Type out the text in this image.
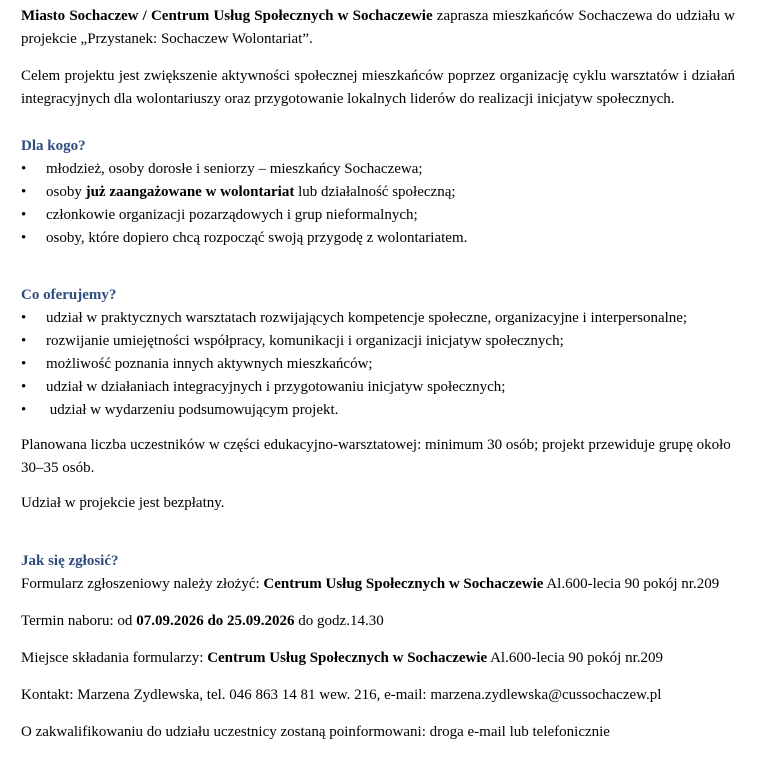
Miasto Sochaczew / Centrum Usług Społecznych w Sochaczewie zaprasza mieszkańców Sochaczewa do udziału w projekcie „Przystanek: Sochaczew Wolontariat”.

Celem projektu jest zwiększenie aktywności społecznej mieszkańców poprzez organizację cyklu warsztatów i działań integracyjnych dla wolontariuszy oraz przygotowanie lokalnych liderów do realizacji inicjatyw społecznych.

Dla kogo?

•	młodzież, osoby dorosłe i seniorzy – mieszkańcy Sochaczewa;
•	osoby już zaangażowane w wolontariat lub działalność społeczną;
•	członkowie organizacji pozarządowych i grup nieformalnych;
•	osoby, które dopiero chcą rozpocząć swoją przygodę z wolontariatem.

Co oferujemy?

•	udział w praktycznych warsztatach rozwijających kompetencje społeczne, organizacyjne i interpersonalne;
•	rozwijanie umiejętności współpracy, komunikacji i organizacji inicjatyw społecznych;
•	możliwość poznania innych aktywnych mieszkańców;
•	udział w działaniach integracyjnych i przygotowaniu inicjatyw społecznych;
•	udział w wydarzeniu podsumowującym projekt.

Planowana liczba uczestników w części edukacyjno-warsztatowej: minimum 30 osób; projekt przewiduje grupę około 30–35 osób.

Udział w projekcie jest bezpłatny.

Jak się zgłosić?

Formularz zgłoszeniowy należy złożyć: Centrum Usług Społecznych w Sochaczewie Al.600-lecia 90 pokój nr.209

Termin naboru: od 07.09.2026 do 25.09.2026 do godz.14.30

Miejsce składania formularzy: Centrum Usług Społecznych w Sochaczewie Al.600-lecia 90 pokój nr.209

Kontakt: Marzena Zydlewska, tel. 046 863 14 81 wew. 216, e-mail: marzena.zydlewska@cussochaczew.pl

O zakwalifikowaniu do udziału uczestnicy zostaną poinformowani: droga e-mail lub telefonicznie
